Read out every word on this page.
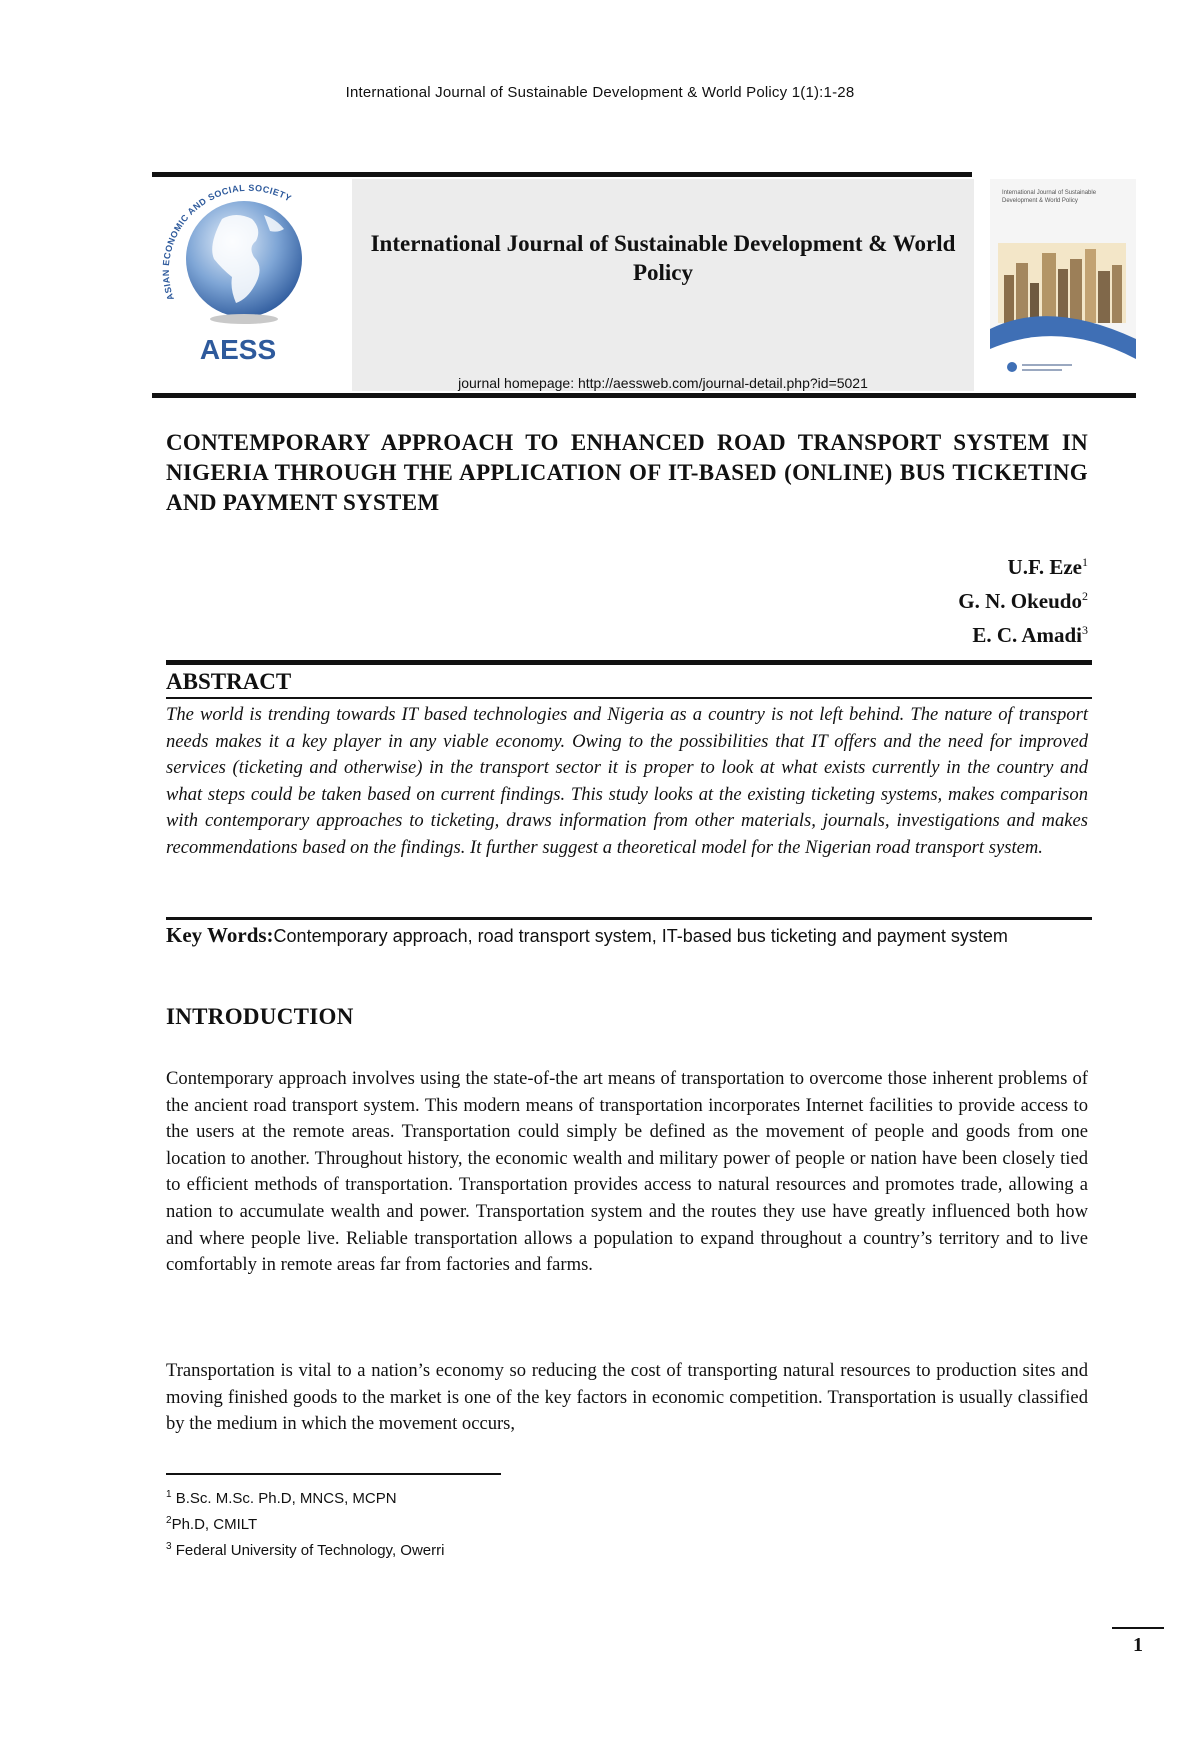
International Journal of Sustainable Development & World Policy 1(1):1-28
ASIAN ECONOMIC AND SOCIAL SOCIETY
AESS
International Journal of Sustainable Development & World Policy
journal homepage: http://aessweb.com/journal-detail.php?id=5021
International Journal of Sustainable Development & World Policy
CONTEMPORARY APPROACH TO ENHANCED ROAD TRANSPORT SYSTEM IN NIGERIA THROUGH THE APPLICATION OF IT-BASED (ONLINE) BUS TICKETING AND PAYMENT SYSTEM
U.F. Eze$^1$
G. N. Okeudo$^2$
E. C. Amadi$^3$
ABSTRACT
The world is trending towards IT based technologies and Nigeria as a country is not left behind. The nature of transport needs makes it a key player in any viable economy. Owing to the possibilities that IT offers and the need for improved services (ticketing and otherwise) in the transport sector it is proper to look at what exists currently in the country and what steps could be taken based on current findings. This study looks at the existing ticketing systems, makes comparison with contemporary approaches to ticketing, draws information from other materials, journals, investigations and makes recommendations based on the findings. It further suggest a theoretical model for the Nigerian road transport system.
Key Words:Contemporary approach, road transport system, IT-based bus ticketing and payment system
INTRODUCTION
Contemporary approach involves using the state-of-the art means of transportation to overcome those inherent problems of the ancient road transport system. This modern means of transportation incorporates Internet facilities to provide access to the users at the remote areas. Transportation could simply be defined as the movement of people and goods from one location to another. Throughout history, the economic wealth and military power of people or nation have been closely tied to efficient methods of transportation. Transportation provides access to natural resources and promotes trade, allowing a nation to accumulate wealth and power. Transportation system and the routes they use have greatly influenced both how and where people live. Reliable transportation allows a population to expand throughout a country’s territory and to live comfortably in remote areas far from factories and farms.
Transportation is vital to a nation’s economy so reducing the cost of transporting natural resources to production sites and moving finished goods to the market is one of the key factors in economic competition. Transportation is usually classified by the medium in which the movement occurs,
$^1$ B.Sc. M.Sc. Ph.D, MNCS, MCPN
$^2$Ph.D, CMILT
$^3$ Federal University of Technology, Owerri
1
